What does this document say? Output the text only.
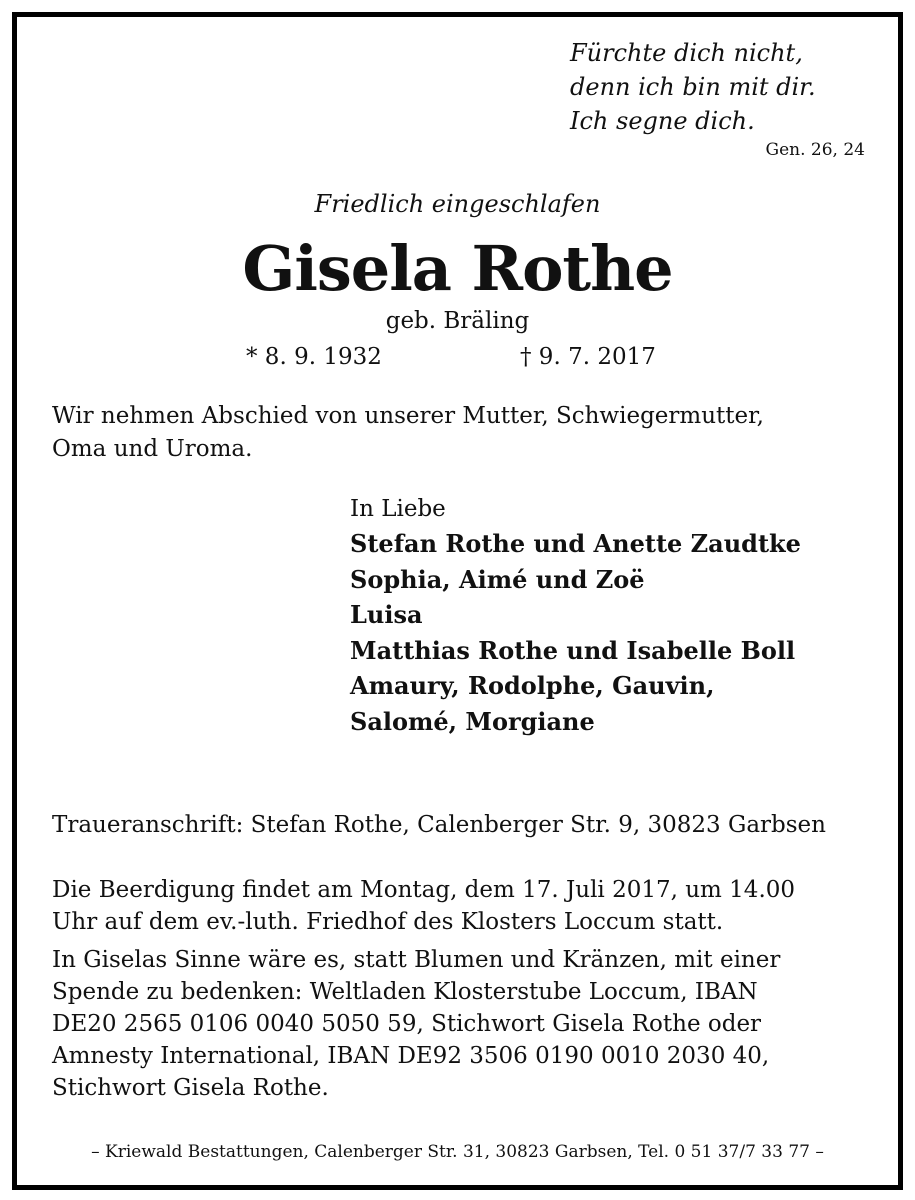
Fürchte dich nicht,
denn ich bin mit dir.
Ich segne dich.
Gen. 26, 24
Friedlich eingeschlafen
Gisela Rothe
geb. Bräling
* 8. 9. 1932	† 9. 7. 2017
Wir nehmen Abschied von unserer Mutter, Schwiegermutter,
Oma und Uroma.
In Liebe
Stefan Rothe und Anette Zaudtke
Sophia, Aimé und Zoë
Luisa
Matthias Rothe und Isabelle Boll
Amaury, Rodolphe, Gauvin,
Salomé, Morgiane
Traueranschrift: Stefan Rothe, Calenberger Str. 9, 30823 Garbsen
Die Beerdigung findet am Montag, dem 17. Juli 2017, um 14.00
Uhr auf dem ev.-luth. Friedhof des Klosters Loccum statt.
In Giselas Sinne wäre es, statt Blumen und Kränzen, mit einer
Spende zu bedenken: Weltladen Klosterstube Loccum, IBAN
DE20 2565 0106 0040 5050 59, Stichwort Gisela Rothe oder
Amnesty International, IBAN DE92 3506 0190 0010 2030 40,
Stichwort Gisela Rothe.
– Kriewald Bestattungen, Calenberger Str. 31, 30823 Garbsen, Tel. 0 51 37/7 33 77 –
